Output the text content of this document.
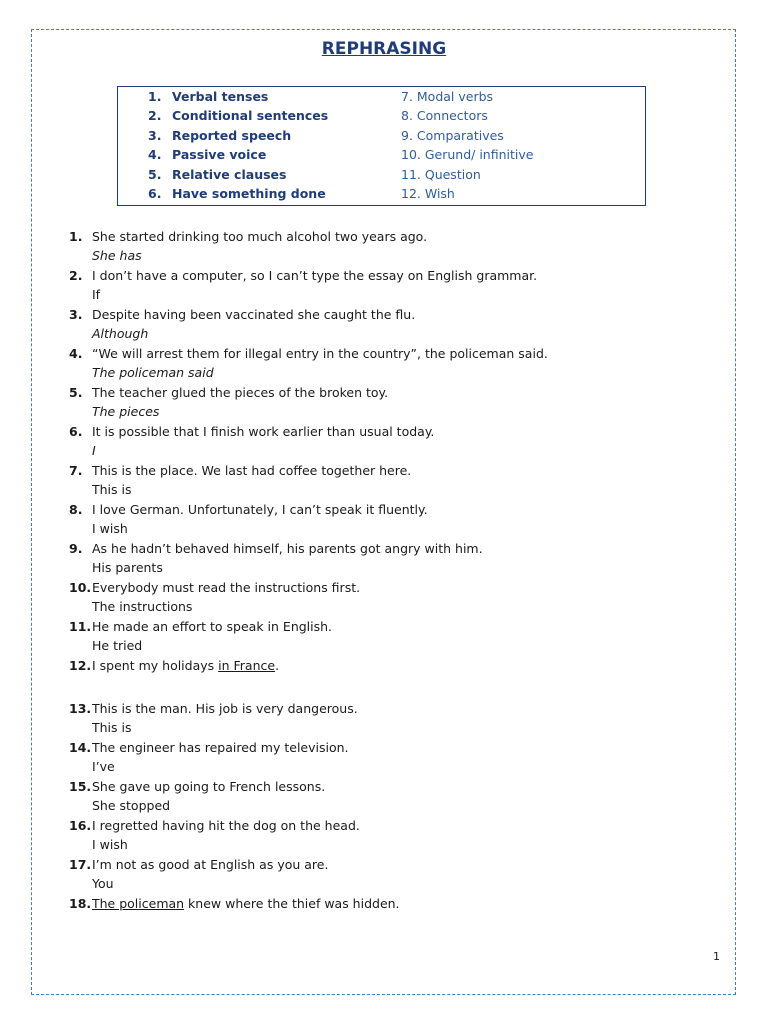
REPHRASING
1. Verbal tenses
2. Conditional sentences
3. Reported speech
4. Passive voice
5. Relative clauses
6. Have something done
7. Modal verbs
8. Connectors
9. Comparatives
10. Gerund/ infinitive
11. Question
12. Wish
1. She started drinking too much alcohol two years ago.
She has
2. I don’t have a computer, so I can’t type the essay on English grammar.
If
3. Despite having been vaccinated she caught the flu.
Although
4. “We will arrest them for illegal entry in the country”, the policeman said.
The policeman said
5. The teacher glued the pieces of the broken toy.
The pieces
6. It is possible that I finish work earlier than usual today.
I
7. This is the place. We last had coffee together here.
This is
8. I love German. Unfortunately, I can’t speak it fluently.
I wish
9. As he hadn’t behaved himself, his parents got angry with him.
His parents
10. Everybody must read the instructions first.
The instructions
11. He made an effort to speak in English.
He tried
12. I spent my holidays in France.
13. This is the man. His job is very dangerous.
This is
14. The engineer has repaired my television.
I’ve
15. She gave up going to French lessons.
She stopped
16. I regretted having hit the dog on the head.
I wish
17. I’m not as good at English as you are.
You
18. The policeman knew where the thief was hidden.
1
